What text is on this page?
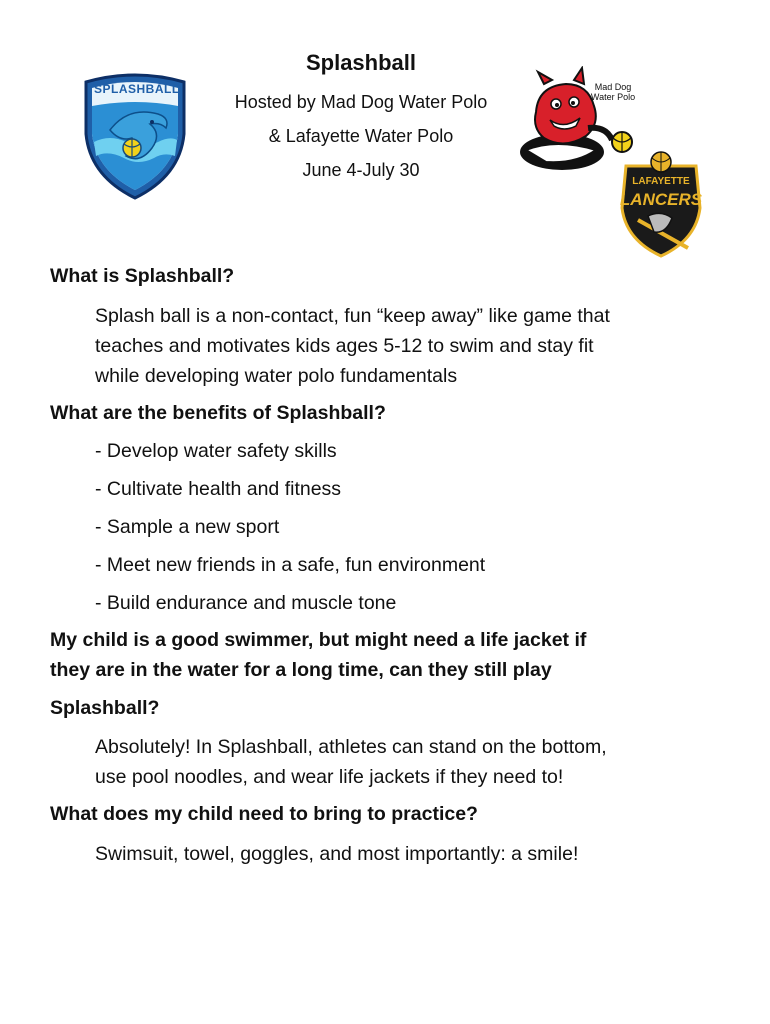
Splashball
Hosted by Mad Dog Water Polo
& Lafayette Water Polo
June 4-July 30
SPLASHBALL	Mad Dog Water Polo
LAFAYETTE
LANCERS
What is Splashball?
Splash ball is a non-contact, fun “keep away” like game that
teaches and motivates kids ages 5-12 to swim and stay fit
while developing water polo fundamentals
What are the benefits of Splashball?
- Develop water safety skills
- Cultivate health and fitness
- Sample a new sport
- Meet new friends in a safe, fun environment
- Build endurance and muscle tone
My child is a good swimmer, but might need a life jacket if
they are in the water for a long time, can they still play
Splashball?
Absolutely! In Splashball, athletes can stand on the bottom,
use pool noodles, and wear life jackets if they need to!
What does my child need to bring to practice?
Swimsuit, towel, goggles, and most importantly: a smile!
